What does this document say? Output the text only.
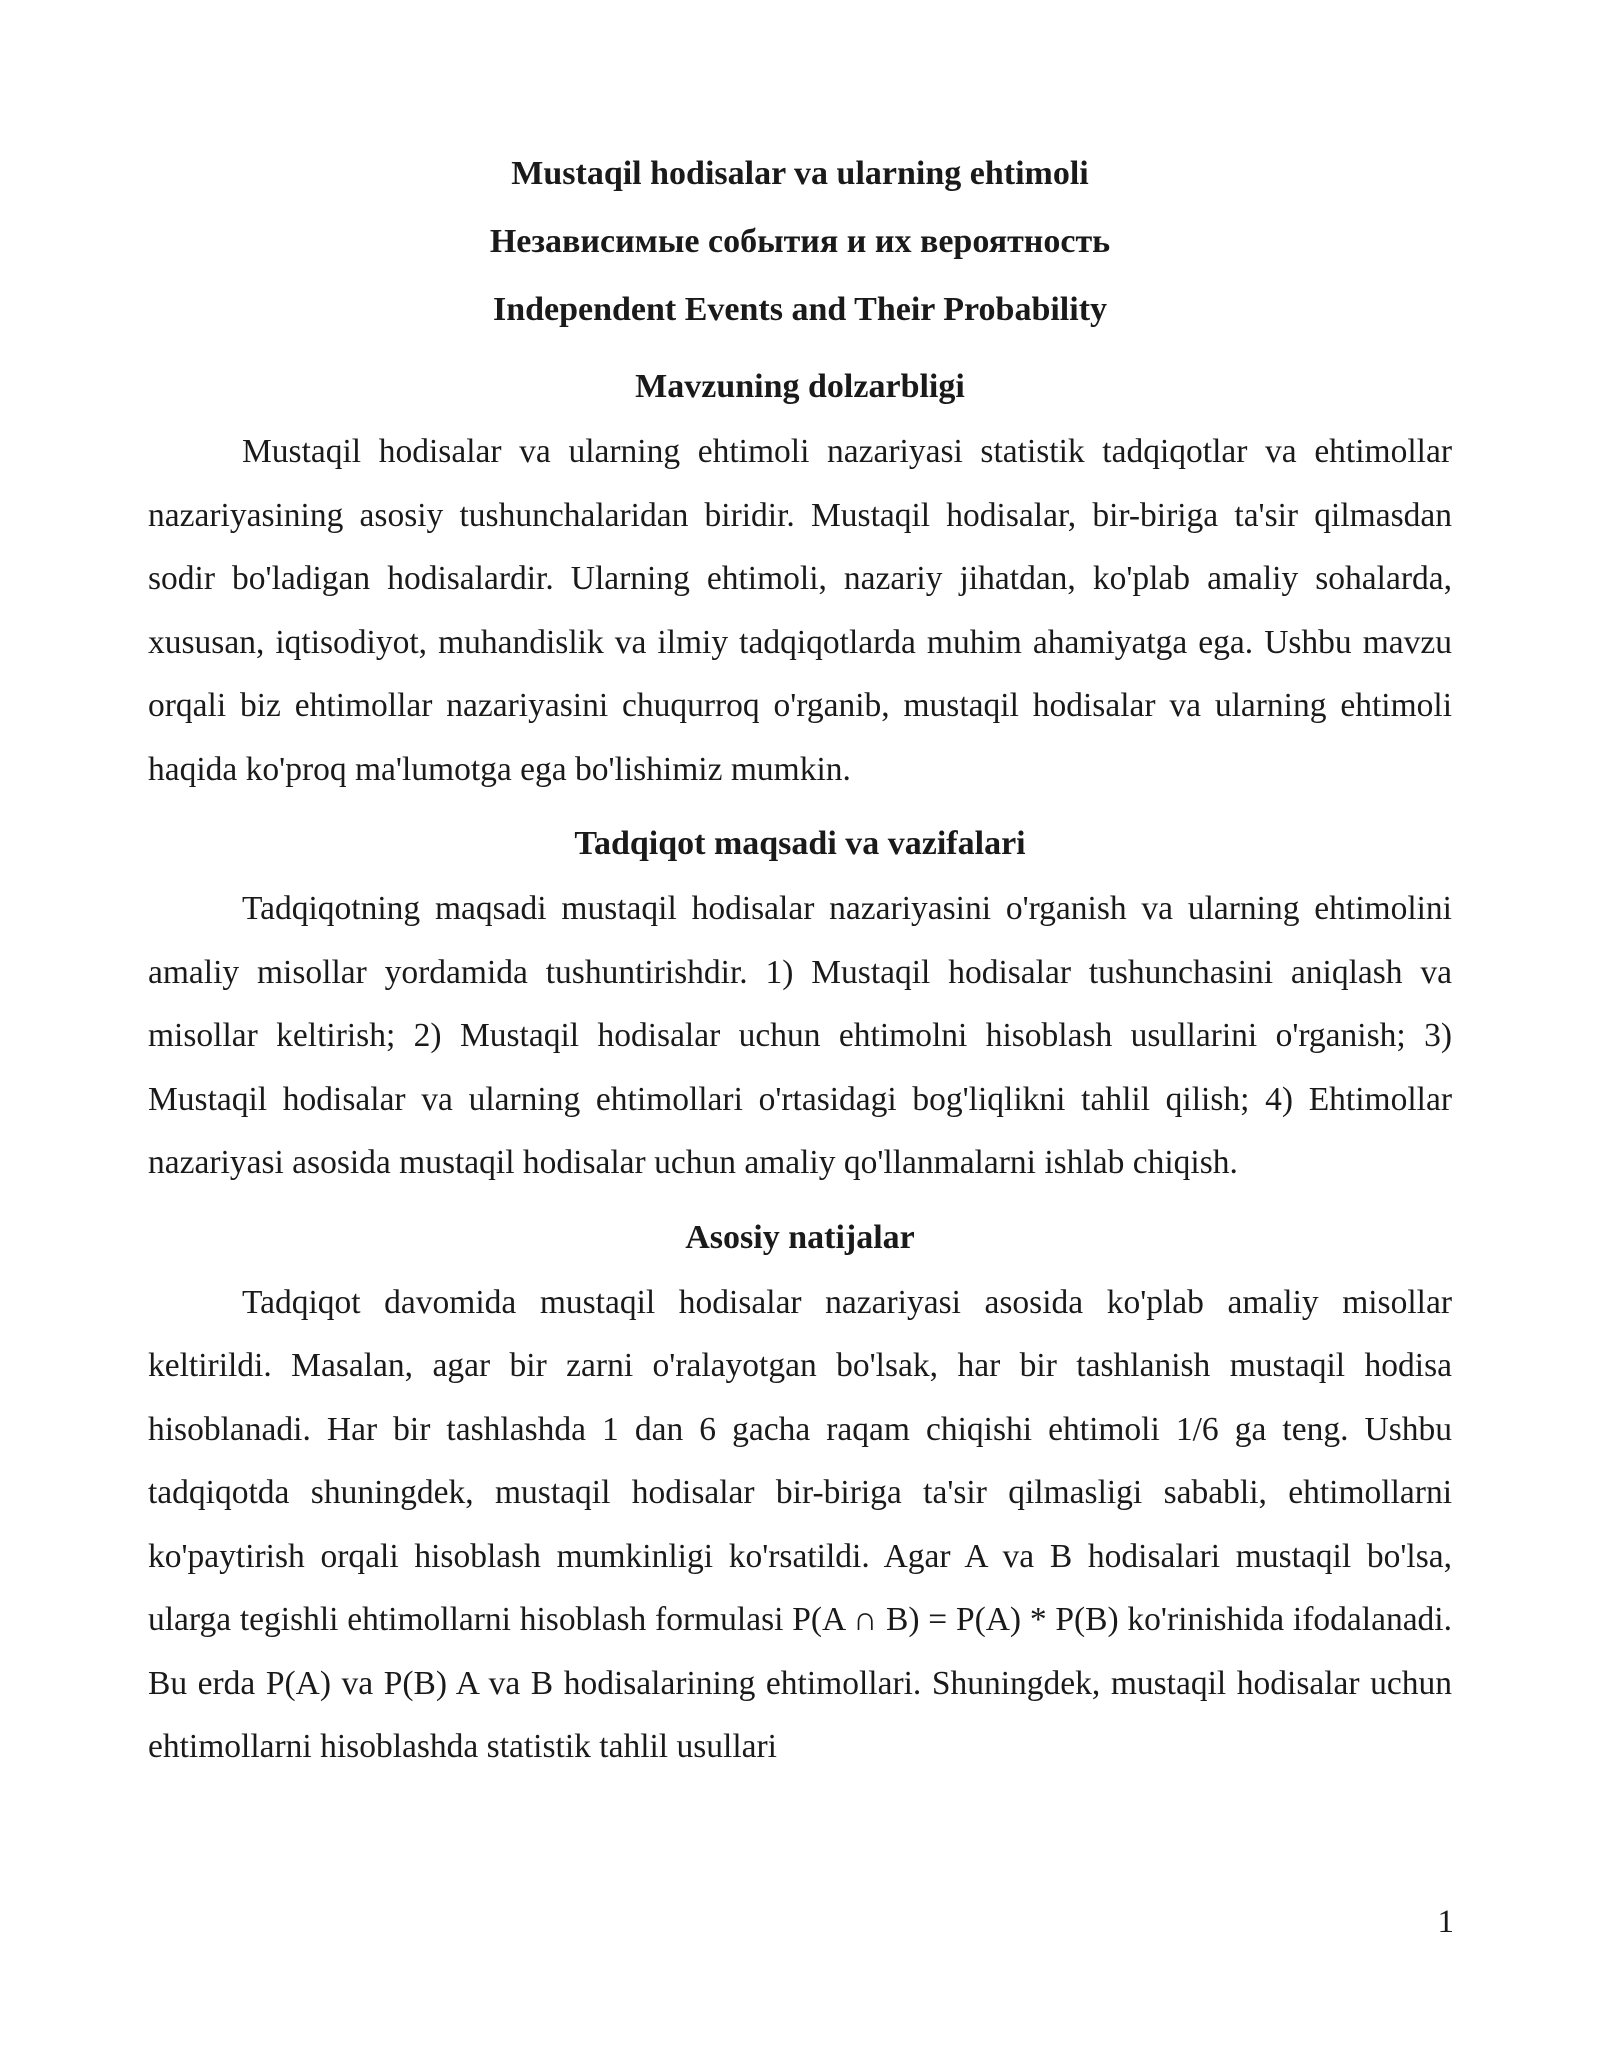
Mustaqil hodisalar va ularning ehtimoli

Независимые события и их вероятность

Independent Events and Their Probability

Mavzuning dolzarbligi

Mustaqil hodisalar va ularning ehtimoli nazariyasi statistik tadqiqotlar va ehtimollar nazariyasining asosiy tushunchalaridan biridir. Mustaqil hodisalar, bir-biriga ta'sir qilmasdan sodir bo'ladigan hodisalardir. Ularning ehtimoli, nazariy jihatdan, ko'plab amaliy sohalarda, xususan, iqtisodiyot, muhandislik va ilmiy tadqiqotlarda muhim ahamiyatga ega. Ushbu mavzu orqali biz ehtimollar nazariyasini chuqurroq o'rganib, mustaqil hodisalar va ularning ehtimoli haqida ko'proq ma'lumotga ega bo'lishimiz mumkin.

Tadqiqot maqsadi va vazifalari

Tadqiqotning maqsadi mustaqil hodisalar nazariyasini o'rganish va ularning ehtimolini amaliy misollar yordamida tushuntirishdir. 1) Mustaqil hodisalar tushunchasini aniqlash va misollar keltirish; 2) Mustaqil hodisalar uchun ehtimolni hisoblash usullarini o'rganish; 3) Mustaqil hodisalar va ularning ehtimollari o'rtasidagi bog'liqlikni tahlil qilish; 4) Ehtimollar nazariyasi asosida mustaqil hodisalar uchun amaliy qo'llanmalarni ishlab chiqish.

Asosiy natijalar

Tadqiqot davomida mustaqil hodisalar nazariyasi asosida ko'plab amaliy misollar keltirildi. Masalan, agar bir zarni o'ralayotgan bo'lsak, har bir tashlanish mustaqil hodisa hisoblanadi. Har bir tashlashda 1 dan 6 gacha raqam chiqishi ehtimoli 1/6 ga teng. Ushbu tadqiqotda shuningdek, mustaqil hodisalar bir-biriga ta'sir qilmasligi sababli, ehtimollarni ko'paytirish orqali hisoblash mumkinligi ko'rsatildi. Agar A va B hodisalari mustaqil bo'lsa, ularga tegishli ehtimollarni hisoblash formulasi P(A ∩ B) = P(A) * P(B) ko'rinishida ifodalanadi. Bu erda P(A) va P(B) A va B hodisalarining ehtimollari. Shuningdek, mustaqil hodisalar uchun ehtimollarni hisoblashda statistik tahlil usullari

1
